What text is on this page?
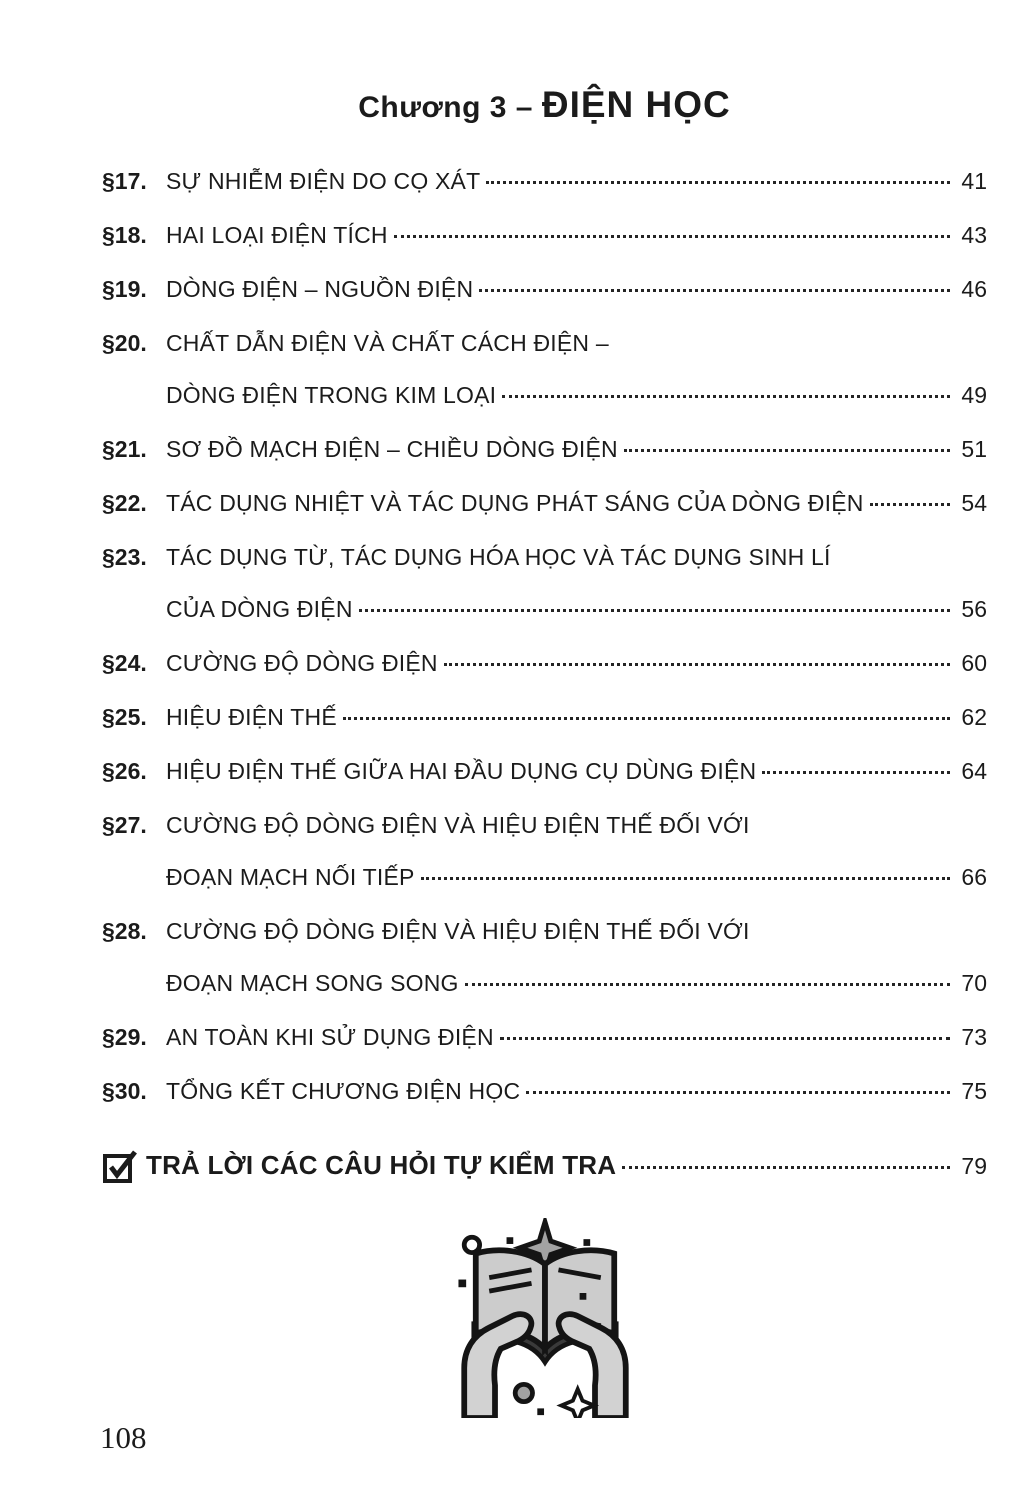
Chương 3 – ĐIỆN HỌC
§17. SỰ NHIỄM ĐIỆN DO CỌ XÁT	41
§18. HAI LOẠI ĐIỆN TÍCH	43
§19. DÒNG ĐIỆN – NGUỒN ĐIỆN	46
§20. CHẤT DẪN ĐIỆN VÀ CHẤT CÁCH ĐIỆN –
DÒNG ĐIỆN TRONG KIM LOẠI	49
§21. SƠ ĐỒ MẠCH ĐIỆN – CHIỀU DÒNG ĐIỆN	51
§22. TÁC DỤNG NHIỆT VÀ TÁC DỤNG PHÁT SÁNG CỦA DÒNG ĐIỆN	54
§23. TÁC DỤNG TỪ, TÁC DỤNG HÓA HỌC VÀ TÁC DỤNG SINH LÍ
CỦA DÒNG ĐIỆN	56
§24. CƯỜNG ĐỘ DÒNG ĐIỆN	60
§25. HIỆU ĐIỆN THẾ	62
§26. HIỆU ĐIỆN THẾ GIỮA HAI ĐẦU DỤNG CỤ DÙNG ĐIỆN	64
§27. CƯỜNG ĐỘ DÒNG ĐIỆN VÀ HIỆU ĐIỆN THẾ ĐỐI VỚI
ĐOẠN MẠCH NỐI TIẾP	66
§28. CƯỜNG ĐỘ DÒNG ĐIỆN VÀ HIỆU ĐIỆN THẾ ĐỐI VỚI
ĐOẠN MẠCH SONG SONG	70
§29. AN TOÀN KHI SỬ DỤNG ĐIỆN	73
§30. TỔNG KẾT CHƯƠNG ĐIỆN HỌC	75
TRẢ LỜI CÁC CÂU HỎI TỰ KIỂM TRA	79
108
